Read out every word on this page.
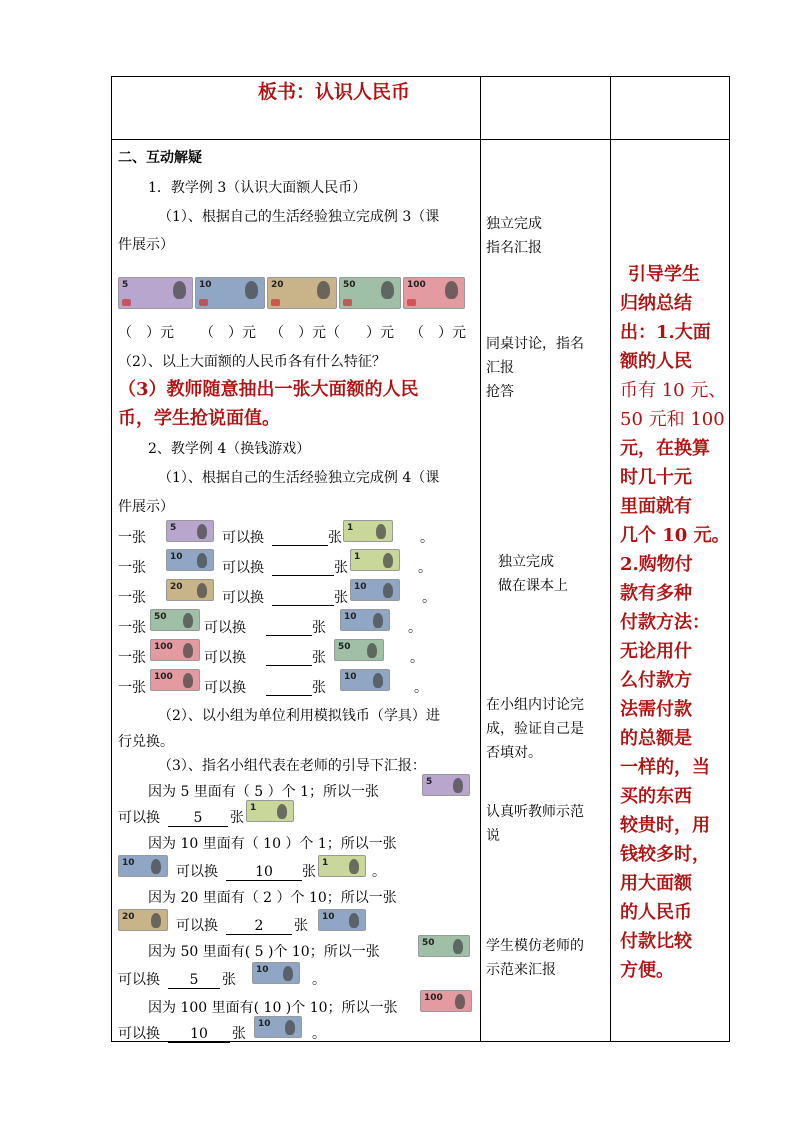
板书：认识人民币
二、互动解疑
1．教学例 3（认识大面额人民币）
（1）、根据自己的生活经验独立完成例 3（课
件展示）
5	10	20	50	100
（　）元 （　）元 （　）元（ ）元 （　）元
（2）、以上大面额的人民币各有什么特征？
（3）教师随意抽出一张大面额的人民
币，学生抢说面值。
2、教学例 4（换钱游戏）
（1）、根据自己的生活经验独立完成例 4（课
件展示）
一张
5
可以换	张
1
。
一张
10
可以换	张
1
。
一张
20
可以换	张
10
。
一张
50
可以换	张
10
。
一张
100
可以换	张
50
。
一张
100
可以换	张
10
。
（2）、以小组为单位利用模拟钱币（学具）进
行兑换。
（3）、指名小组代表在老师的引导下汇报：
因为 5 里面有（ 5 ）个 1；所以一张
5
可以换	5	张
1
因为 10 里面有（ 10 ）个 1；所以一张
10
可以换	10	张
1
。
因为 20 里面有（ 2 ）个 10；所以一张
20
可以换	2	张
10
因为 50 里面有( 5 )个 10；所以一张
50
可以换	5	张
10
。
因为 100 里面有( 10 )个 10；所以一张
100
可以换	10	张
10
。
独立完成
指名汇报
同桌讨论，指名
汇报
抢答
独立完成
做在课本上
在小组内讨论完
成，验证自己是
否填对。
认真听教师示范
说
学生模仿老师的
示范来汇报
引导学生
归纳总结
出：1.大面
额的人民
币有 10 元、
50 元和 100
元，在换算
时几十元
里面就有
几个 10 元。
2.购物付
款有多种
付款方法：
无论用什
么付款方
法需付款
的总额是
一样的，当
买的东西
较贵时，用
钱较多时，
用大面额
的人民币
付款比较
方便。
